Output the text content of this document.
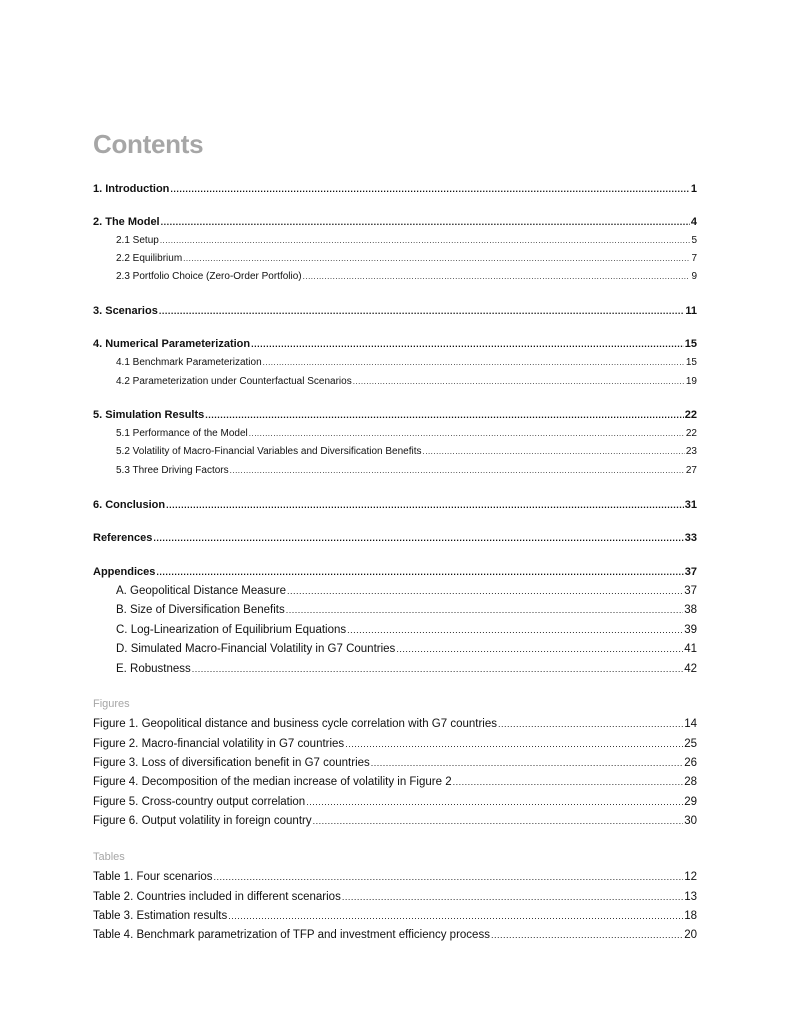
Contents
1. Introduction .....	1
2. The Model .....	4
2.1 Setup .....	5
2.2 Equilibrium .....	7
2.3 Portfolio Choice (Zero-Order Portfolio) .....	9
3. Scenarios .....	11
4. Numerical Parameterization .....	15
4.1 Benchmark Parameterization .....	15
4.2 Parameterization under Counterfactual Scenarios .....	19
5. Simulation Results .....	22
5.1 Performance of the Model .....	22
5.2 Volatility of Macro-Financial Variables and Diversification Benefits .....	23
5.3 Three Driving Factors .....	27
6. Conclusion .....	31
References .....	33
Appendices .....	37
A. Geopolitical Distance Measure .....	37
B. Size of Diversification Benefits .....	38
C. Log-Linearization of Equilibrium Equations .....	39
D. Simulated Macro-Financial Volatility in G7 Countries .....	41
E. Robustness .....	42
Figures
Figure 1. Geopolitical distance and business cycle correlation with G7 countries .....	14
Figure 2. Macro-financial volatility in G7 countries .....	25
Figure 3. Loss of diversification benefit in G7 countries .....	26
Figure 4. Decomposition of the median increase of volatility in Figure 2 .....	28
Figure 5. Cross-country output correlation .....	29
Figure 6. Output volatility in foreign country .....	30
Tables
Table 1. Four scenarios .....	12
Table 2. Countries included in different scenarios .....	13
Table 3. Estimation results .....	18
Table 4. Benchmark parametrization of TFP and investment efficiency process .....	20
